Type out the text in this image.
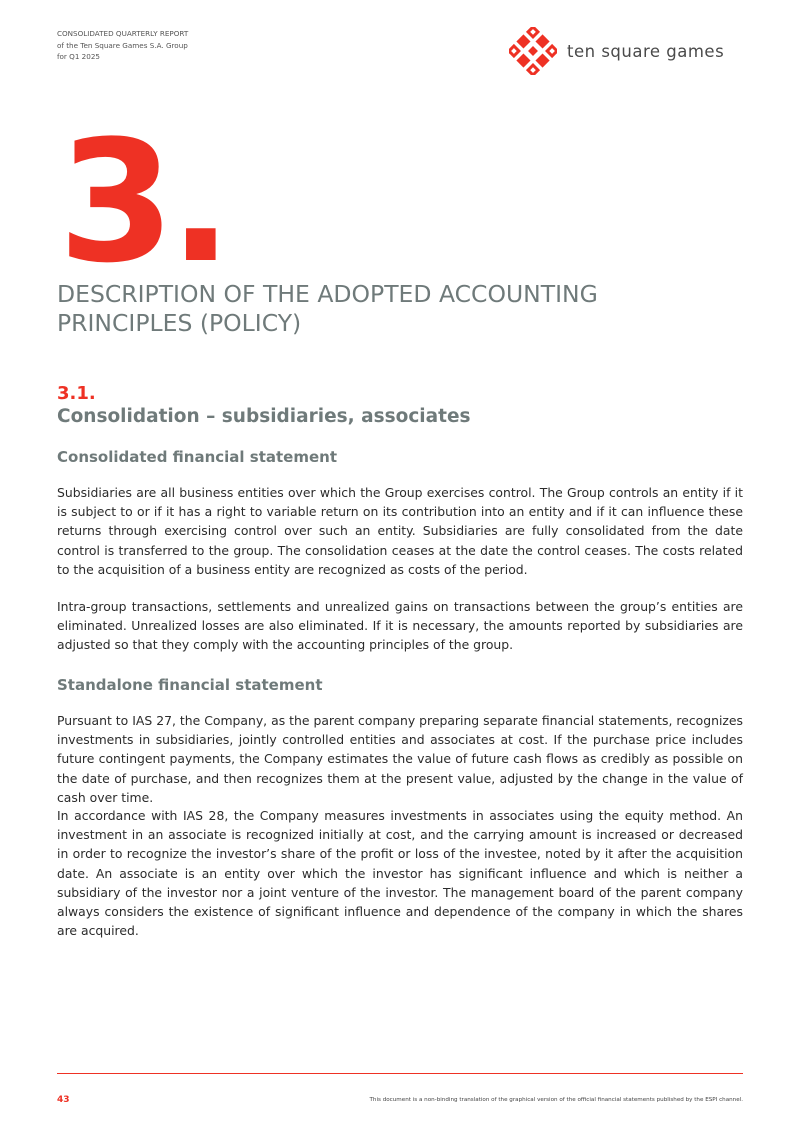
CONSOLIDATED QUARTERLY REPORT
of the Ten Square Games S.A. Group
for Q1 2025	ten square games
3.
DESCRIPTION OF THE ADOPTED ACCOUNTING PRINCIPLES (POLICY)
3.1.
Consolidation – subsidiaries, associates
Consolidated financial statement
Subsidiaries are all business entities over which the Group exercises control. The Group controls an entity if it is subject to or if it has a right to variable return on its contribution into an entity and if it can influence these returns through exercising control over such an entity. Subsidiaries are fully consolidated from the date control is transferred to the group. The consolidation ceases at the date the control ceases. The costs related to the acquisition of a business entity are recognized as costs of the period.
Intra-group transactions, settlements and unrealized gains on transactions between the group’s entities are eliminated. Unrealized losses are also eliminated. If it is necessary, the amounts reported by subsidiaries are adjusted so that they comply with the accounting principles of the group.
Standalone financial statement
Pursuant to IAS 27, the Company, as the parent company preparing separate financial statements, recognizes investments in subsidiaries, jointly controlled entities and associates at cost. If the purchase price includes future contingent payments, the Company estimates the value of future cash flows as credibly as possible on the date of purchase, and then recognizes them at the present value, adjusted by the change in the value of cash over time.
In accordance with IAS 28, the Company measures investments in associates using the equity method. An investment in an associate is recognized initially at cost, and the carrying amount is increased or decreased in order to recognize the investor’s share of the profit or loss of the investee, noted by it after the acquisition date. An associate is an entity over which the investor has significant influence and which is neither a subsidiary of the investor nor a joint venture of the investor. The management board of the parent company always considers the existence of significant influence and dependence of the company in which the shares are acquired.
43	This document is a non-binding translation of the graphical version of the official financial statements published by the ESPI channel.
